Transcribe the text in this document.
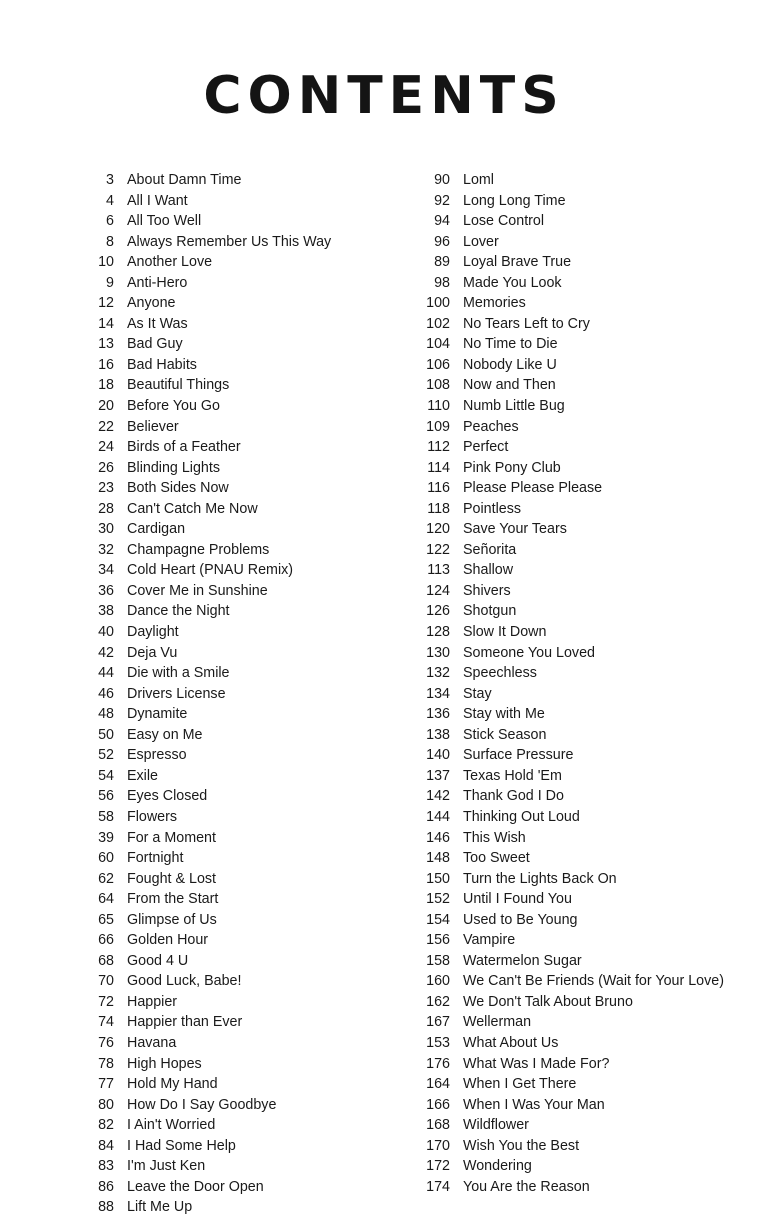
CONTENTS
3 About Damn Time
4 All I Want
6 All Too Well
8 Always Remember Us This Way
10 Another Love
9 Anti-Hero
12 Anyone
14 As It Was
13 Bad Guy
16 Bad Habits
18 Beautiful Things
20 Before You Go
22 Believer
24 Birds of a Feather
26 Blinding Lights
23 Both Sides Now
28 Can't Catch Me Now
30 Cardigan
32 Champagne Problems
34 Cold Heart (PNAU Remix)
36 Cover Me in Sunshine
38 Dance the Night
40 Daylight
42 Deja Vu
44 Die with a Smile
46 Drivers License
48 Dynamite
50 Easy on Me
52 Espresso
54 Exile
56 Eyes Closed
58 Flowers
39 For a Moment
60 Fortnight
62 Fought & Lost
64 From the Start
65 Glimpse of Us
66 Golden Hour
68 Good 4 U
70 Good Luck, Babe!
72 Happier
74 Happier than Ever
76 Havana
78 High Hopes
77 Hold My Hand
80 How Do I Say Goodbye
82 I Ain't Worried
84 I Had Some Help
83 I'm Just Ken
86 Leave the Door Open
88 Lift Me Up
90 Loml
92 Long Long Time
94 Lose Control
96 Lover
89 Loyal Brave True
98 Made You Look
100 Memories
102 No Tears Left to Cry
104 No Time to Die
106 Nobody Like U
108 Now and Then
110 Numb Little Bug
109 Peaches
112 Perfect
114 Pink Pony Club
116 Please Please Please
118 Pointless
120 Save Your Tears
122 Señorita
113 Shallow
124 Shivers
126 Shotgun
128 Slow It Down
130 Someone You Loved
132 Speechless
134 Stay
136 Stay with Me
138 Stick Season
140 Surface Pressure
137 Texas Hold 'Em
142 Thank God I Do
144 Thinking Out Loud
146 This Wish
148 Too Sweet
150 Turn the Lights Back On
152 Until I Found You
154 Used to Be Young
156 Vampire
158 Watermelon Sugar
160 We Can't Be Friends (Wait for Your Love)
162 We Don't Talk About Bruno
167 Wellerman
153 What About Us
176 What Was I Made For?
164 When I Get There
166 When I Was Your Man
168 Wildflower
170 Wish You the Best
172 Wondering
174 You Are the Reason
